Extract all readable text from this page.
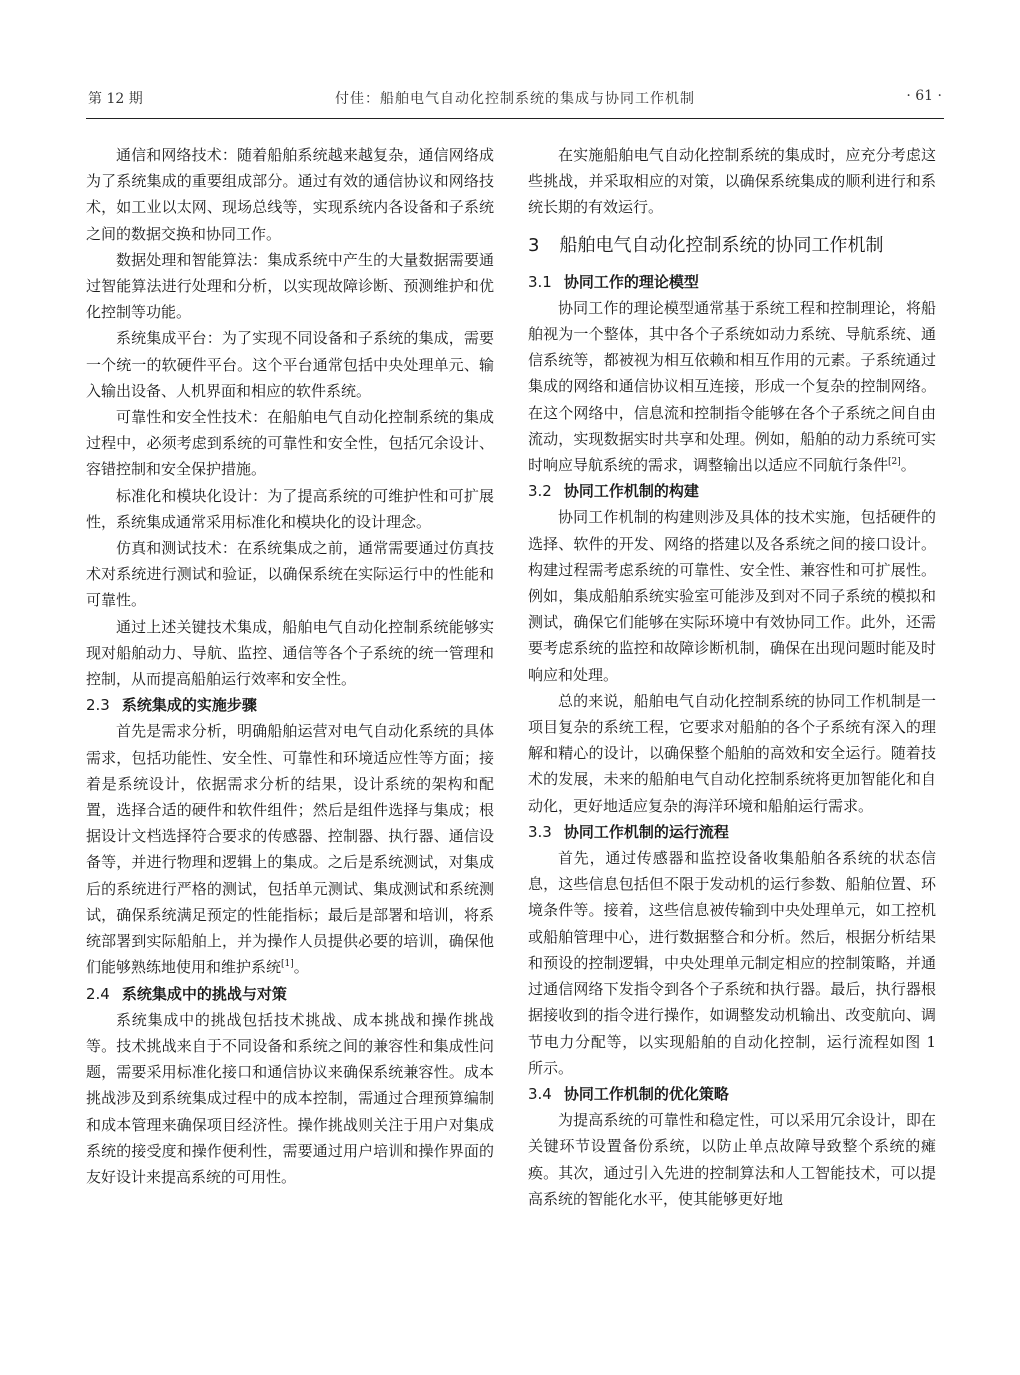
第 12 期	付佳：船舶电气自动化控制系统的集成与协同工作机制	· 61 ·

通信和网络技术：随着船舶系统越来越复杂，通信网络成为了系统集成的重要组成部分。通过有效的通信协议和网络技术，如工业以太网、现场总线等，实现系统内各设备和子系统之间的数据交换和协同工作。

数据处理和智能算法：集成系统中产生的大量数据需要通过智能算法进行处理和分析，以实现故障诊断、预测维护和优化控制等功能。

系统集成平台：为了实现不同设备和子系统的集成，需要一个统一的软硬件平台。这个平台通常包括中央处理单元、输入输出设备、人机界面和相应的软件系统。

可靠性和安全性技术：在船舶电气自动化控制系统的集成过程中，必须考虑到系统的可靠性和安全性，包括冗余设计、容错控制和安全保护措施。

标准化和模块化设计：为了提高系统的可维护性和可扩展性，系统集成通常采用标准化和模块化的设计理念。

仿真和测试技术：在系统集成之前，通常需要通过仿真技术对系统进行测试和验证，以确保系统在实际运行中的性能和可靠性。

通过上述关键技术集成，船舶电气自动化控制系统能够实现对船舶动力、导航、监控、通信等各个子系统的统一管理和控制，从而提高船舶运行效率和安全性。

2.3 系统集成的实施步骤

首先是需求分析，明确船舶运营对电气自动化系统的具体需求，包括功能性、安全性、可靠性和环境适应性等方面；接着是系统设计，依据需求分析的结果，设计系统的架构和配置，选择合适的硬件和软件组件；然后是组件选择与集成；根据设计文档选择符合要求的传感器、控制器、执行器、通信设备等，并进行物理和逻辑上的集成。之后是系统测试，对集成后的系统进行严格的测试，包括单元测试、集成测试和系统测试，确保系统满足预定的性能指标；最后是部署和培训，将系统部署到实际船舶上，并为操作人员提供必要的培训，确保他们能够熟练地使用和维护系统[1]。

2.4 系统集成中的挑战与对策

系统集成中的挑战包括技术挑战、成本挑战和操作挑战等。技术挑战来自于不同设备和系统之间的兼容性和集成性问题，需要采用标准化接口和通信协议来确保系统兼容性。成本挑战涉及到系统集成过程中的成本控制，需通过合理预算编制和成本管理来确保项目经济性。操作挑战则关注于用户对集成系统的接受度和操作便利性，需要通过用户培训和操作界面的友好设计来提高系统的可用性。

在实施船舶电气自动化控制系统的集成时，应充分考虑这些挑战，并采取相应的对策，以确保系统集成的顺利进行和系统长期的有效运行。

3 船舶电气自动化控制系统的协同工作机制
3.1 协同工作的理论模型

协同工作的理论模型通常基于系统工程和控制理论，将船舶视为一个整体，其中各个子系统如动力系统、导航系统、通信系统等，都被视为相互依赖和相互作用的元素。子系统通过集成的网络和通信协议相互连接，形成一个复杂的控制网络。在这个网络中，信息流和控制指令能够在各个子系统之间自由流动，实现数据实时共享和处理。例如，船舶的动力系统可实时响应导航系统的需求，调整输出以适应不同航行条件[2]。

3.2 协同工作机制的构建

协同工作机制的构建则涉及具体的技术实施，包括硬件的选择、软件的开发、网络的搭建以及各系统之间的接口设计。构建过程需考虑系统的可靠性、安全性、兼容性和可扩展性。例如，集成船舶系统实验室可能涉及到对不同子系统的模拟和测试，确保它们能够在实际环境中有效协同工作。此外，还需要考虑系统的监控和故障诊断机制，确保在出现问题时能及时响应和处理。

总的来说，船舶电气自动化控制系统的协同工作机制是一项目复杂的系统工程，它要求对船舶的各个子系统有深入的理解和精心的设计，以确保整个船舶的高效和安全运行。随着技术的发展，未来的船舶电气自动化控制系统将更加智能化和自动化，更好地适应复杂的海洋环境和船舶运行需求。

3.3 协同工作机制的运行流程

首先，通过传感器和监控设备收集船舶各系统的状态信息，这些信息包括但不限于发动机的运行参数、船舶位置、环境条件等。接着，这些信息被传输到中央处理单元，如工控机或船舶管理中心，进行数据整合和分析。然后，根据分析结果和预设的控制逻辑，中央处理单元制定相应的控制策略，并通过通信网络下发指令到各个子系统和执行器。最后，执行器根据接收到的指令进行操作，如调整发动机输出、改变航向、调节电力分配等，以实现船舶的自动化控制，运行流程如图 1 所示。

3.4 协同工作机制的优化策略

为提高系统的可靠性和稳定性，可以采用冗余设计，即在关键环节设置备份系统，以防止单点故障导致整个系统的瘫痪。其次，通过引入先进的控制算法和人工智能技术，可以提高系统的智能化水平，使其能够更好地
